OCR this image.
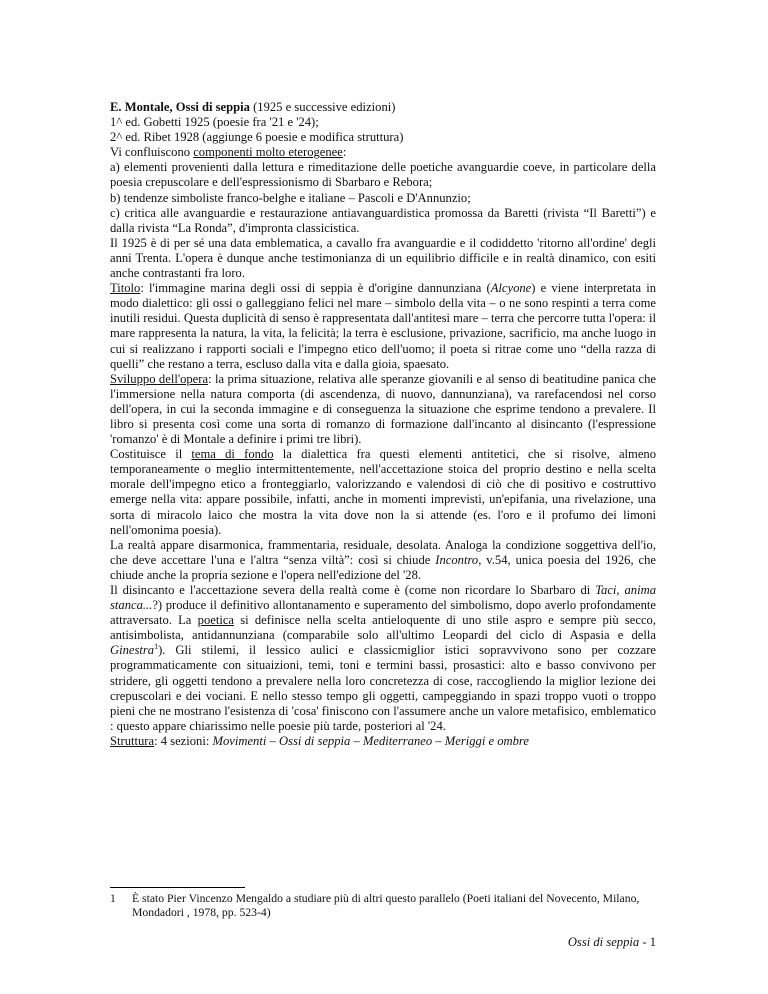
E. Montale, Ossi di seppia (1925 e successive edizioni)

1^ ed. Gobetti 1925 (poesie fra '21 e '24);

2^ ed. Ribet 1928 (aggiunge 6 poesie e modifica struttura)

Vi confluiscono componenti molto eterogenee:

a) elementi provenienti dalla lettura e rimeditazione delle poetiche avanguardie coeve, in particolare della poesia crepuscolare e dell'espressionismo di Sbarbaro e Rebora;

b) tendenze simboliste franco-belghe e italiane – Pascoli e D'Annunzio;

c) critica alle avanguardie e restaurazione antiavanguardistica promossa da Baretti (rivista “Il Baretti”) e dalla rivista “La Ronda”, d'impronta classicistica.

Il 1925 è di per sé una data emblematica, a cavallo fra avanguardie e il codiddetto 'ritorno all'ordine' degli anni Trenta. L'opera è dunque anche testimonianza di un equilibrio difficile e in realtà dinamico, con esiti anche contrastanti fra loro.

Titolo: l'immagine marina degli ossi di seppia è d'origine dannunziana (Alcyone) e viene interpretata in modo dialettico: gli ossi o galleggiano felici nel mare – simbolo della vita – o ne sono respinti a terra come inutili residui. Questa duplicità di senso è rappresentata dall'antitesi mare – terra che percorre tutta l'opera: il mare rappresenta la natura, la vita, la felicità; la terra è esclusione, privazione, sacrificio, ma anche luogo in cui si realizzano i rapporti sociali e l'impegno etico dell'uomo; il poeta si ritrae come uno “della razza di quelli” che restano a terra, escluso dalla vita e dalla gioia, spaesato.

Sviluppo dell'opera: la prima situazione, relativa alle speranze giovanili e al senso di beatitudine panica che l'immersione nella natura comporta (di ascendenza, di nuovo, dannunziana), va rarefacendosi nel corso dell'opera, in cui la seconda immagine e di conseguenza la situazione che esprime tendono a prevalere. Il libro si presenta così come una sorta di romanzo di formazione dall'incanto al disincanto (l'espressione 'romanzo' è di Montale a definire i primi tre libri).

Costituisce il tema di fondo la dialettica fra questi elementi antitetici, che si risolve, almeno temporaneamente o meglio intermittentemente, nell'accettazione stoica del proprio destino e nella scelta morale dell'impegno etico a fronteggiarlo, valorizzando e valendosi di ciò che di positivo e costruttivo emerge nella vita: appare possibile, infatti, anche in momenti imprevisti, un'epifania, una rivelazione, una sorta di miracolo laico che mostra la vita dove non la si attende (es. l'oro e il profumo dei limoni nell'omonima poesia).

La realtà appare disarmonica, frammentaria, residuale, desolata. Analoga la condizione soggettiva dell'io, che deve accettare l'una e l'altra “senza viltà”: così si chiude Incontro, v.54, unica poesia del 1926, che chiude anche la propria sezione e l'opera nell'edizione del '28.

Il disincanto e l'accettazione severa della realtà come è (come non ricordare lo Sbarbaro di Taci, anima stanca...?) produce il definitivo allontanamento e superamento del simbolismo, dopo averlo profondamente attraversato. La poetica si definisce nella scelta antieloquente di uno stile aspro e sempre più secco, antisimbolista, antidannunziana (comparabile solo all'ultimo Leopardi del ciclo di Aspasia e della Ginestra$^1$). Gli stilemi, il lessico aulici e classicmiglior istici sopravvivono sono per cozzare programmaticamente con situaizioni, temi, toni e termini bassi, prosastici: alto e basso convivono per stridere, gli oggetti tendono a prevalere nella loro concretezza di cose, raccogliendo la miglior lezione dei crepuscolari e dei vociani. E nello stesso tempo gli oggetti, campeggiando in spazi troppo vuoti o troppo pieni che ne mostrano l'esistenza di 'cosa' finiscono con l'assumere anche un valore metafisico, emblematico : questo appare chiarissimo nelle poesie più tarde, posteriori al '24.

Struttura: 4 sezioni: Movimenti – Ossi di seppia – Mediterraneo – Meriggi e ombre

1 È stato Pier Vincenzo Mengaldo a studiare più di altri questo parallelo (Poeti italiani del Novecento, Milano, Mondadori , 1978, pp. 523-4)
Ossi di seppia - 1
